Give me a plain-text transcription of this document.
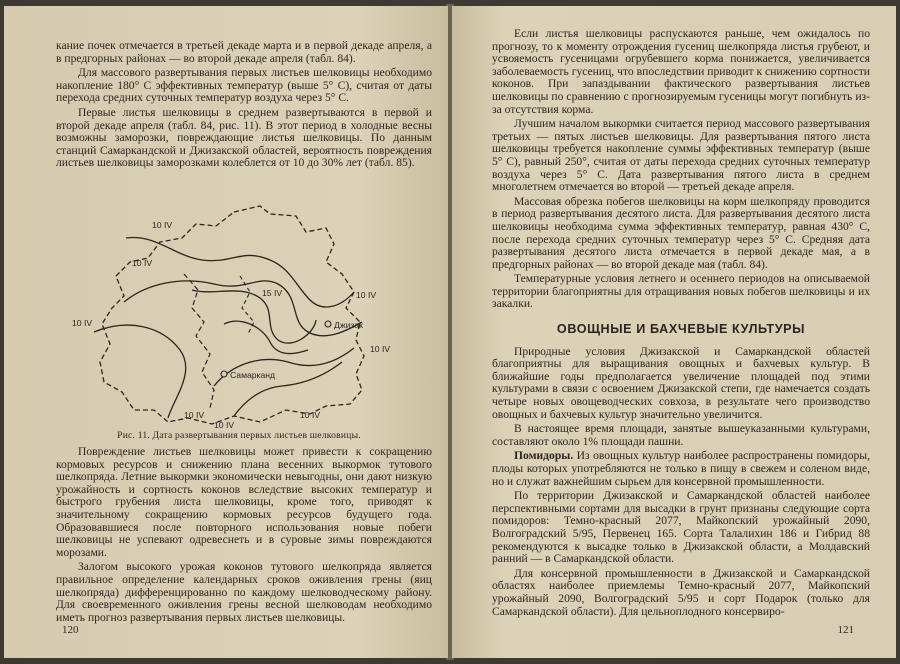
кание почек отмечается в третьей декаде марта и в первой декаде апреля, а в предгорных районах — во второй декаде апреля (табл. 84).

Для массового развертывания первых листьев шелковицы необходимо накопление 180° С эффективных температур (выше 5° С), считая от даты перехода средних суточных температур воздуха через 5° С.

Первые листья шелковицы в среднем развертываются в первой и второй декаде апреля (табл. 84, рис. 11). В этот период в холодные весны возможны заморозки, повреждающие листья шелковицы. По данным станций Самаркандской и Джизакской областей, вероятность повреждения листьев шелковицы заморозками колеблется от 10 до 30% лет (табл. 85).

10 IV
10 IV
15 IV	10 IV
10 IV
10 IV
10 IV
10 IV
10 IV
Джизак
Самарканд
Рис. 11. Дата развертывания первых листьев шелковицы.

Повреждение листьев шелковицы может привести к сокращению кормовых ресурсов и снижению плана весенних выкормок тутового шелкопряда. Летние выкормки экономически невыгодны, они дают низкую урожайность и сортность коконов вследствие высоких температур и быстрого грубения листа шелковицы, кроме того, приводят к значительному сокращению кормовых ресурсов будущего года. Образовавшиеся после повторного использования новые побеги шелковицы не успевают одревеснеть и в суровые зимы повреждаются морозами.

Залогом высокого урожая коконов тутового шелкопряда является правильное определение календарных сроков оживления грены (яиц шелкопряда) дифференцированно по каждому шелководческому району. Для своевременного оживления грены весной шелководам необходимо иметь прогноз развертывания первых листьев шелковицы.

120

Если листья шелковицы распускаются раньше, чем ожидалось по прогнозу, то к моменту отрождения гусениц шелкопряда листья грубеют, и усвояемость гусеницами огрубевшего корма понижается, увеличивается заболеваемость гусениц, что впоследствии приводит к снижению сортности коконов. При запаздывании фактического развертывания листьев шелковицы по сравнению с прогнозируемым гусеницы могут погибнуть из-за отсутствия корма.

Лучшим началом выкормки считается период массового развертывания третьих — пятых листьев шелковицы. Для развертывания пятого листа шелковицы требуется накопление суммы эффективных температур (выше 5° С), равный 250°, считая от даты перехода средних суточных температур воздуха через 5° С. Дата развертывания пятого листа в среднем многолетнем отмечается во второй — третьей декаде апреля.

Массовая обрезка побегов шелковицы на корм шелкопряду проводится в период развертывания десятого листа. Для развертывания десятого листа шелковицы необходима сумма эффективных температур, равная 430° С, после перехода средних суточных температур через 5° С. Средняя дата развертывания десятого листа отмечается в первой декаде мая, а в предгорных районах — во второй декаде мая (табл. 84).

Температурные условия летнего и осеннего периодов на описываемой территории благоприятны для отращивания новых побегов шелковицы и их закалки.

ОВОЩНЫЕ И БАХЧЕВЫЕ КУЛЬТУРЫ

Природные условия Джизакской и Самаркандской областей благоприятны для выращивания овощных и бахчевых культур. В ближайшие годы предполагается увеличение площадей под этими культурами в связи с освоением Джизакской степи, где намечается создать четыре новых овощеводческих совхоза, в результате чего производство овощных и бахчевых культур значительно увеличится.

В настоящее время площади, занятые вышеуказанными культурами, составляют около 1% площади пашни.

Помидоры. Из овощных культур наиболее распространены помидоры, плоды которых употребляются не только в пищу в свежем и соленом виде, но и служат важнейшим сырьем для консервной промышленности.

По территории Джизакской и Самаркандской областей наиболее перспективными сортами для высадки в грунт признаны следующие сорта помидоров: Темно-красный 2077, Майкопский урожайный 2090, Волгоградский 5/95, Первенец 165. Сорта Талалихин 186 и Гибрид 88 рекомендуются к высадке только в Джизакской области, а Молдавский ранний — в Самаркандской области.

Для консервной промышленности в Джизакской и Самаркандской областях наиболее приемлемы Темно-красный 2077, Майкопский урожайный 2090, Волгоградский 5/95 и сорт Подарок (только для Самаркандской области). Для цельноплодного консервиро-

121
